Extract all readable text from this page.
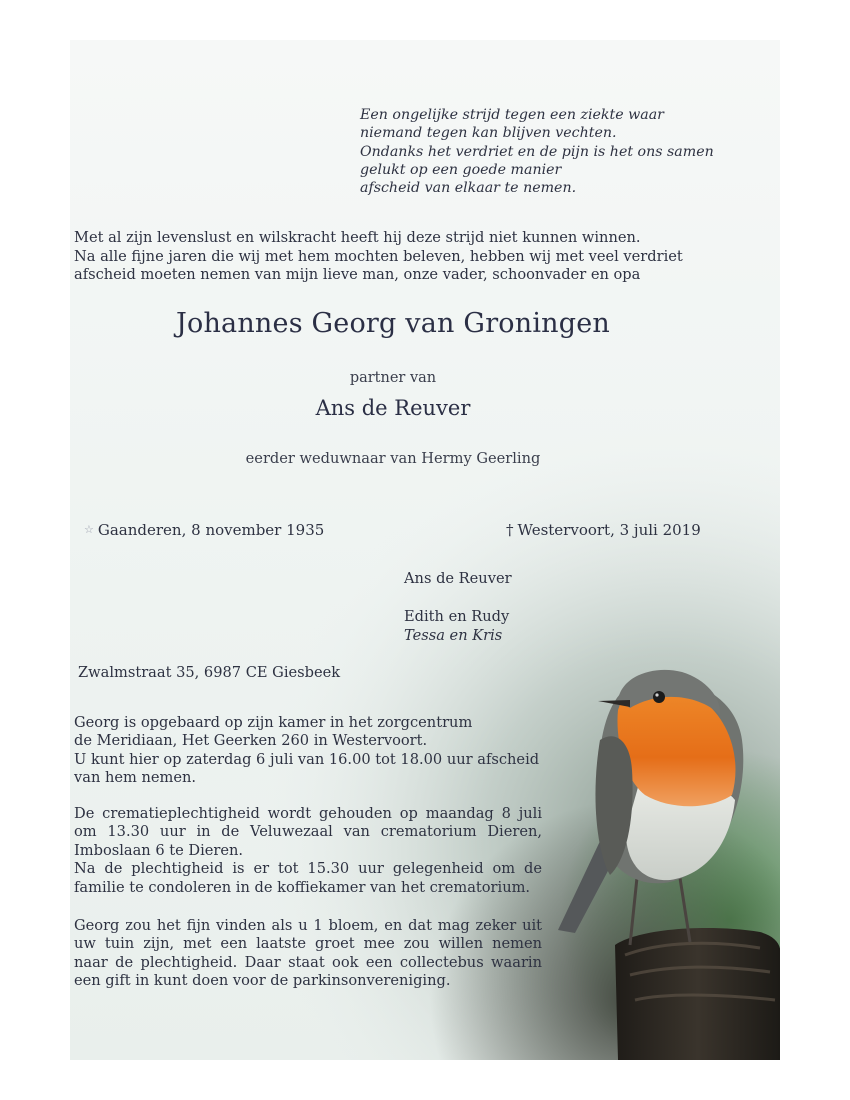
Een ongelijke strijd tegen een ziekte waar
niemand tegen kan blijven vechten.
Ondanks het verdriet en de pijn is het ons samen
gelukt op een goede manier
afscheid van elkaar te nemen.
Met al zijn levenslust en wilskracht heeft hij deze strijd niet kunnen winnen.
Na alle fijne jaren die wij met hem mochten beleven, hebben wij met veel verdriet
afscheid moeten nemen van mijn lieve man, onze vader, schoonvader en opa
Johannes Georg van Groningen
partner van
Ans de Reuver
eerder weduwnaar van Hermy Geerling
☆ Gaanderen, 8 november 1935	† Westervoort, 3 juli 2019
Ans de Reuver
Edith en Rudy
Tessa en Kris
Zwalmstraat 35, 6987 CE Giesbeek
Georg is opgebaard op zijn kamer in het zorgcentrum
de Meridiaan, Het Geerken 260 in Westervoort.
U kunt hier op zaterdag 6 juli van 16.00 tot 18.00 uur afscheid
van hem nemen.
De crematieplechtigheid wordt gehouden op maandag 8 juli
om 13.30 uur in de Veluwezaal van crematorium Dieren,
Imboslaan 6 te Dieren.
Na de plechtigheid is er tot 15.30 uur gelegenheid om de
familie te condoleren in de koffiekamer van het crematorium.
Georg zou het fijn vinden als u 1 bloem, en dat mag zeker uit
uw tuin zijn, met een laatste groet mee zou willen nemen
naar de plechtigheid. Daar staat ook een collectebus waarin
een gift in kunt doen voor de parkinsonvereniging.
